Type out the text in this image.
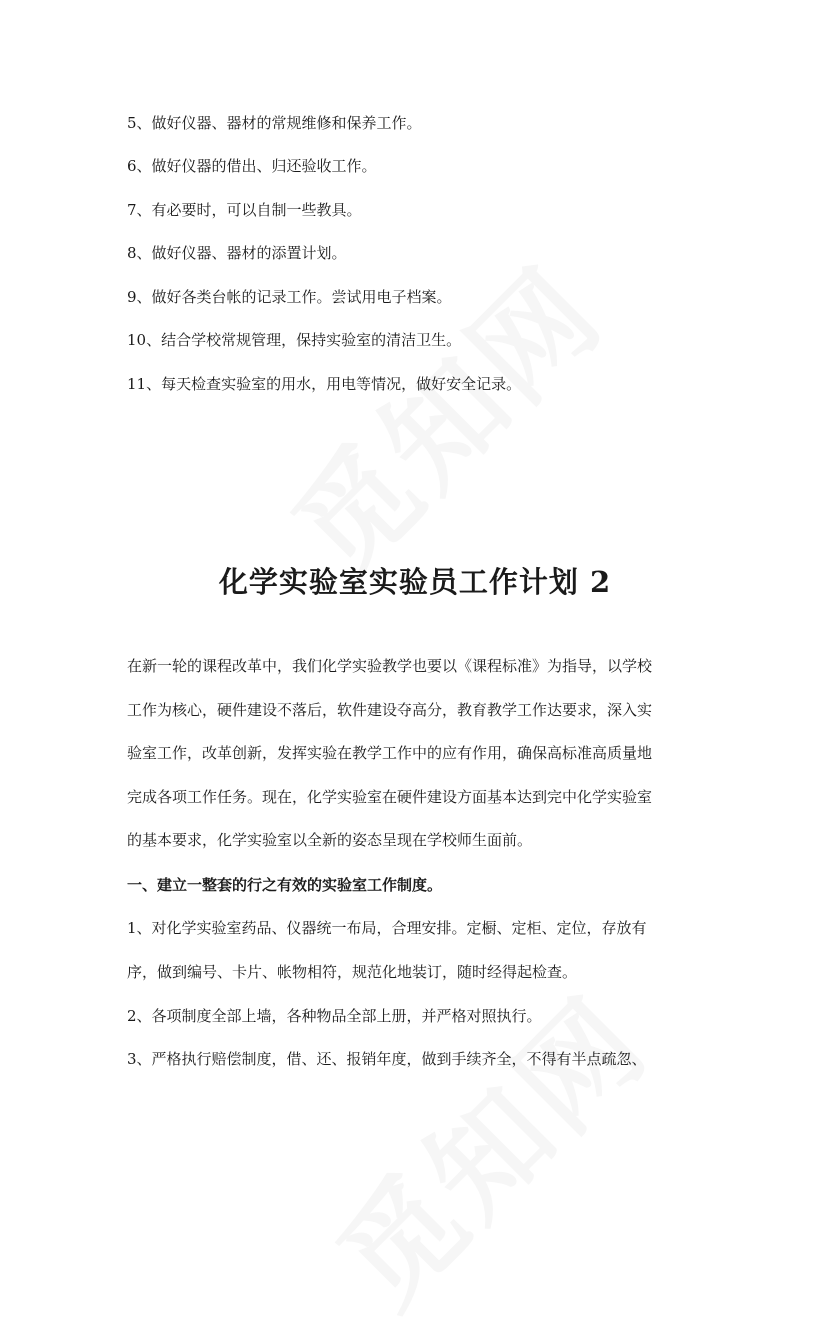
5、做好仪器、器材的常规维修和保养工作。
6、做好仪器的借出、归还验收工作。
7、有必要时，可以自制一些教具。
8、做好仪器、器材的添置计划。
9、做好各类台帐的记录工作。尝试用电子档案。
10、结合学校常规管理，保持实验室的清洁卫生。
11、每天检查实验室的用水，用电等情况，做好安全记录。
化学实验室实验员工作计划 2
在新一轮的课程改革中，我们化学实验教学也要以《课程标准》为指导，以学校
工作为核心，硬件建设不落后，软件建设夺高分，教育教学工作达要求，深入实
验室工作，改革创新，发挥实验在教学工作中的应有作用，确保高标准高质量地
完成各项工作任务。现在，化学实验室在硬件建设方面基本达到完中化学实验室
的基本要求，化学实验室以全新的姿态呈现在学校师生面前。
一、建立一整套的行之有效的实验室工作制度。
1、对化学实验室药品、仪器统一布局，合理安排。定橱、定柜、定位，存放有
序，做到编号、卡片、帐物相符，规范化地装订，随时经得起检查。
2、各项制度全部上墙，各种物品全部上册，并严格对照执行。
3、严格执行赔偿制度，借、还、报销年度，做到手续齐全，不得有半点疏忽、
